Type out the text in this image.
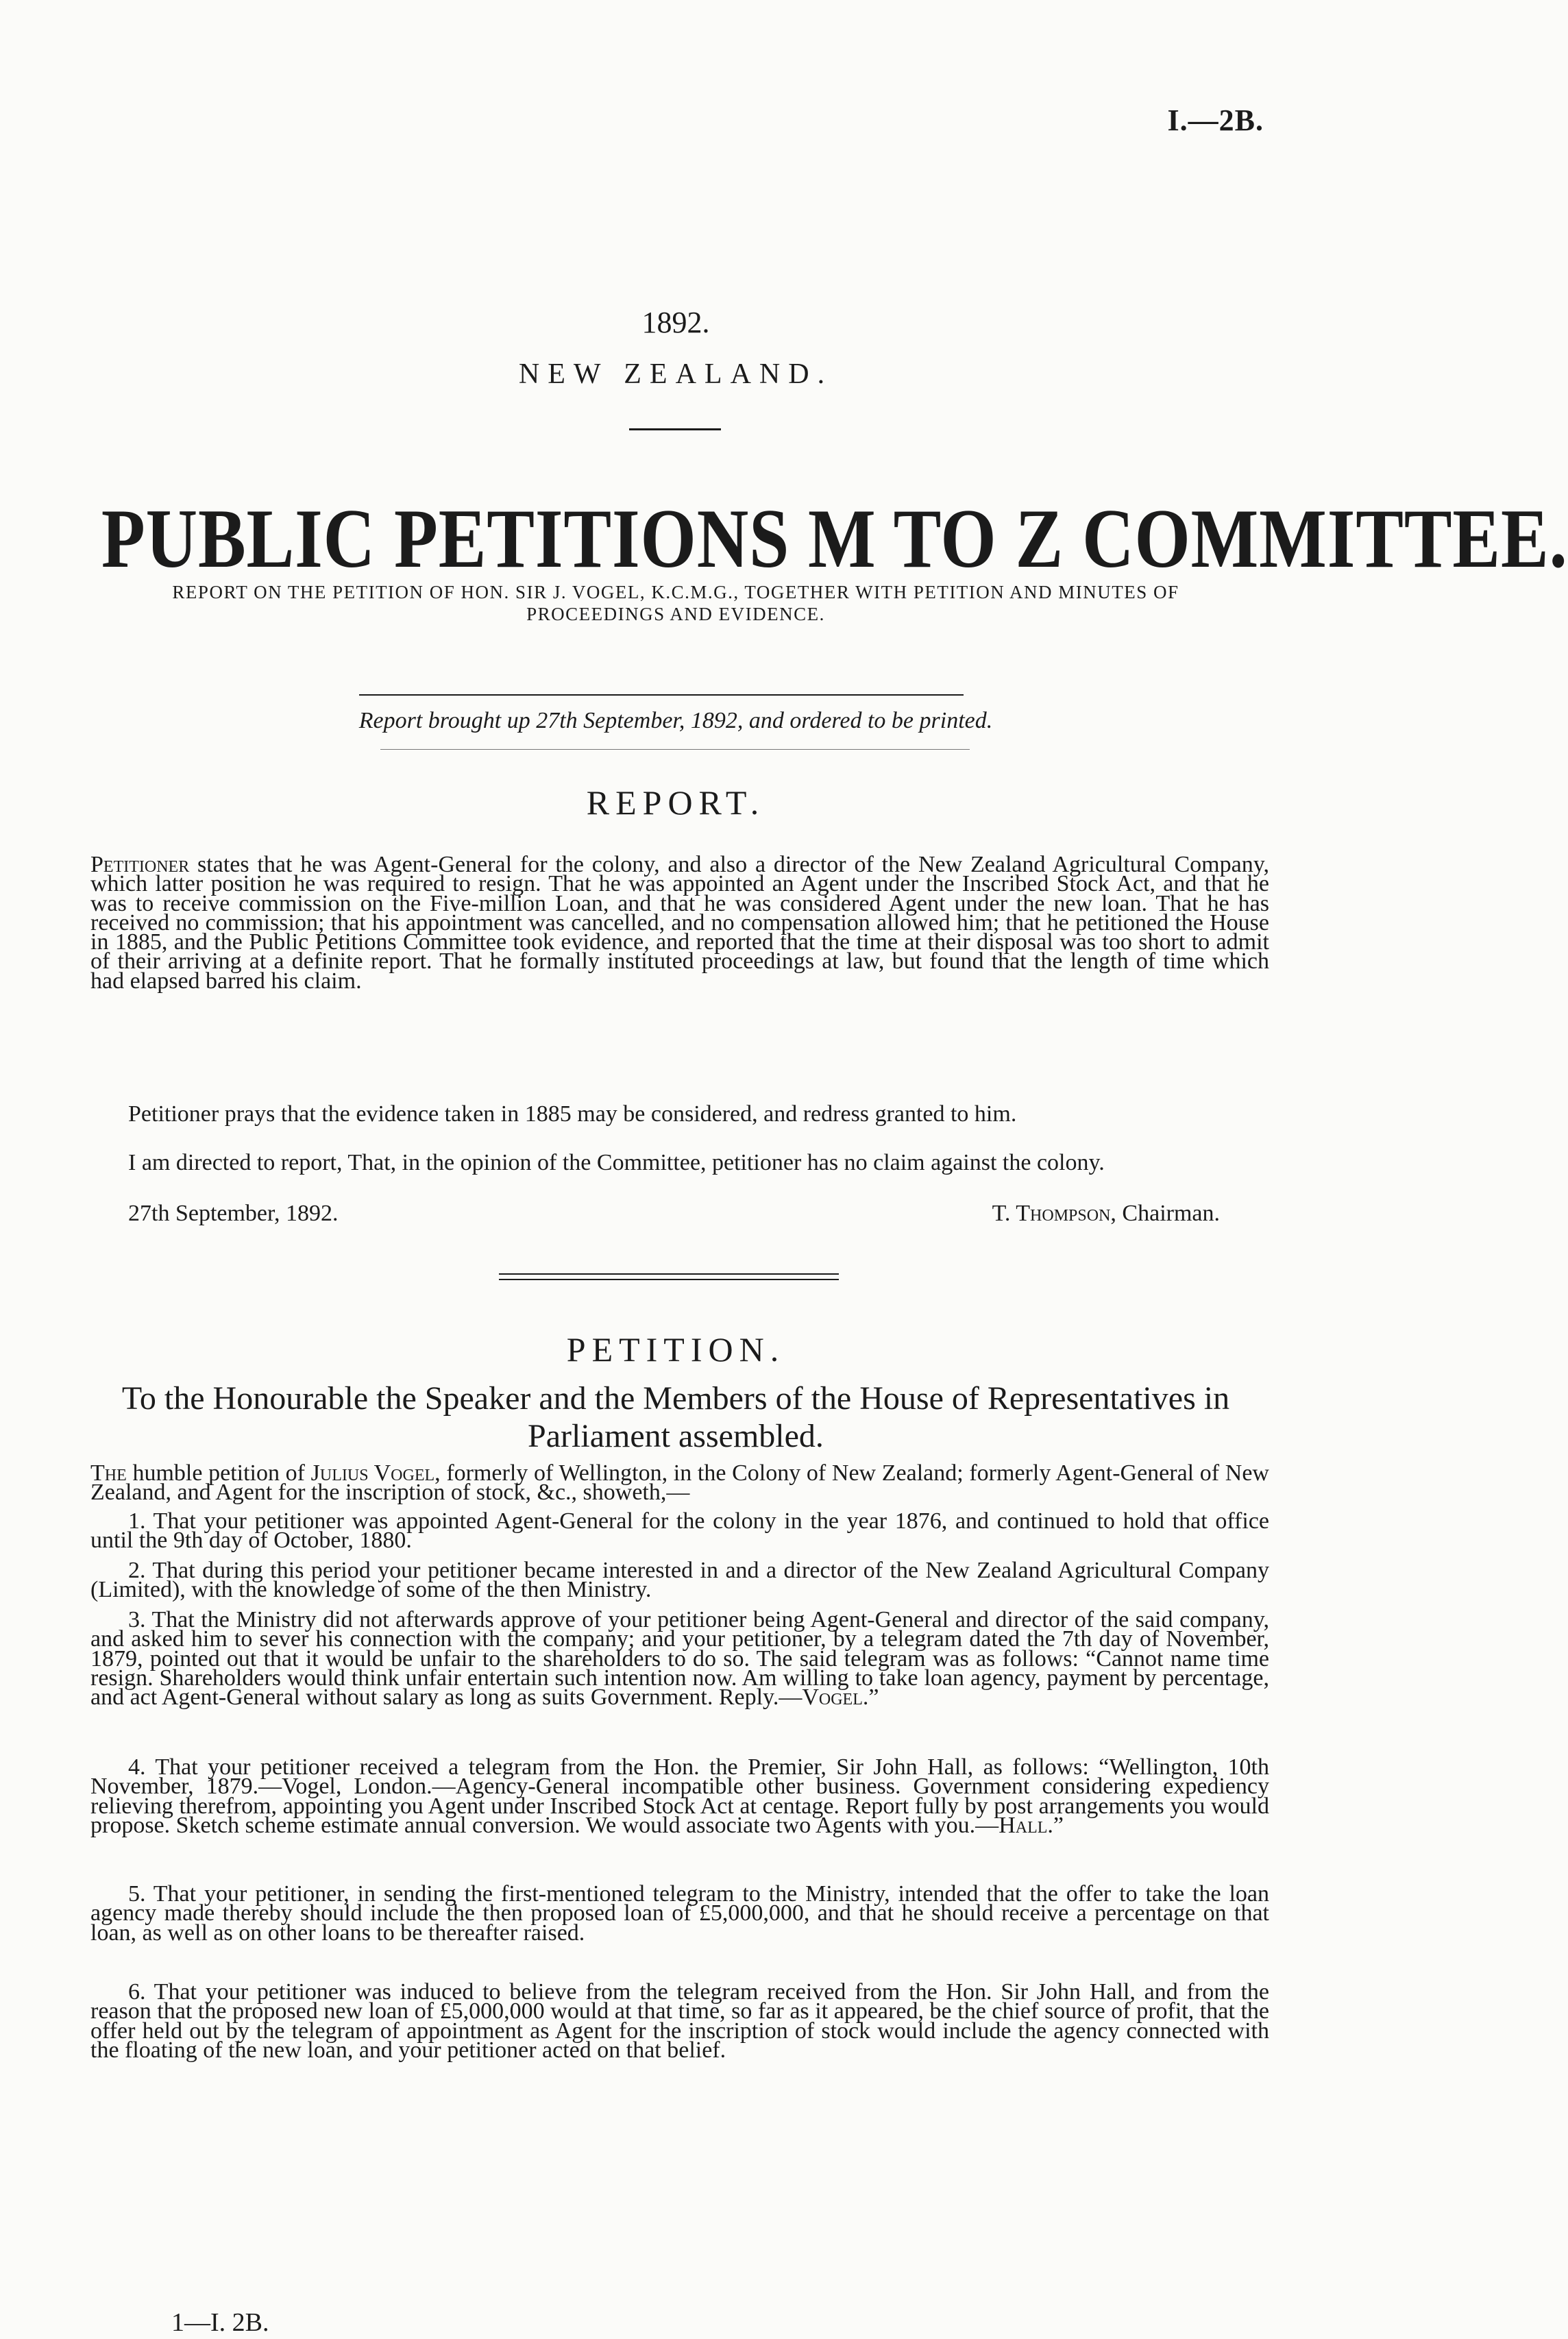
I.—2B.
1892.
NEW ZEALAND.
PUBLIC PETITIONS M TO Z COMMITTEE.
REPORT ON THE PETITION OF HON. SIR J. VOGEL, K.C.M.G., TOGETHER WITH PETITION AND MINUTES OF PROCEEDINGS AND EVIDENCE.
Report brought up 27th September, 1892, and ordered to be printed.
REPORT.

Petitioner states that he was Agent-General for the colony, and also a director of the New Zealand Agricultural Company, which latter position he was required to resign. That he was appointed an Agent under the Inscribed Stock Act, and that he was to receive commission on the Five-million Loan, and that he was considered Agent under the new loan. That he has received no commission; that his appointment was cancelled, and no compensation allowed him; that he petitioned the House in 1885, and the Public Petitions Committee took evidence, and reported that the time at their disposal was too short to admit of their arriving at a definite report. That he formally instituted proceedings at law, but found that the length of time which had elapsed barred his claim.

Petitioner prays that the evidence taken in 1885 may be considered, and redress granted to him.

I am directed to report, That, in the opinion of the Committee, petitioner has no claim against the colony.

27th September, 1892.	T. Thompson, Chairman.
PETITION.
To the Honourable the Speaker and the Members of the House of Representatives in Parliament assembled.

The humble petition of Julius Vogel, formerly of Wellington, in the Colony of New Zealand; formerly Agent-General of New Zealand, and Agent for the inscription of stock, &c., showeth,—

1. That your petitioner was appointed Agent-General for the colony in the year 1876, and continued to hold that office until the 9th day of October, 1880.

2. That during this period your petitioner became interested in and a director of the New Zealand Agricultural Company (Limited), with the knowledge of some of the then Ministry.

3. That the Ministry did not afterwards approve of your petitioner being Agent-General and director of the said company, and asked him to sever his connection with the company; and your petitioner, by a telegram dated the 7th day of November, 1879, pointed out that it would be unfair to the shareholders to do so. The said telegram was as follows: “Cannot name time resign. Shareholders would think unfair entertain such intention now. Am willing to take loan agency, payment by percentage, and act Agent-General without salary as long as suits Government. Reply.—Vogel.”

4. That your petitioner received a telegram from the Hon. the Premier, Sir John Hall, as follows: “Wellington, 10th November, 1879.—Vogel, London.—Agency-General incompatible other business. Government considering expediency relieving therefrom, appointing you Agent under Inscribed Stock Act at centage. Report fully by post arrangements you would propose. Sketch scheme estimate annual conversion. We would associate two Agents with you.—Hall.”

5. That your petitioner, in sending the first-mentioned telegram to the Ministry, intended that the offer to take the loan agency made thereby should include the then proposed loan of £5,000,000, and that he should receive a percentage on that loan, as well as on other loans to be thereafter raised.

6. That your petitioner was induced to believe from the telegram received from the Hon. Sir John Hall, and from the reason that the proposed new loan of £5,000,000 would at that time, so far as it appeared, be the chief source of profit, that the offer held out by the telegram of appointment as Agent for the inscription of stock would include the agency connected with the floating of the new loan, and your petitioner acted on that belief.

1—I. 2B.
